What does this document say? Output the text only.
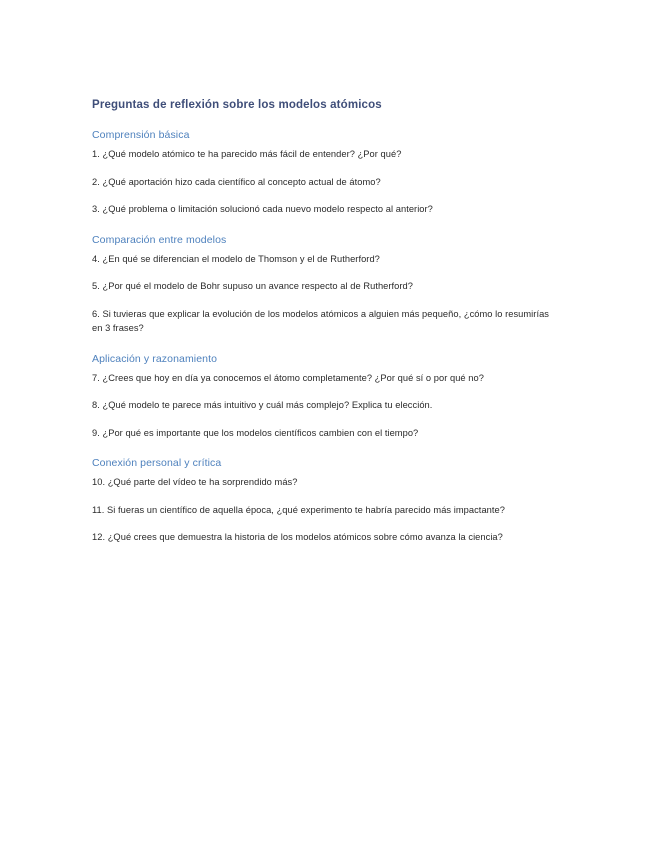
Preguntas de reflexión sobre los modelos atómicos
Comprensión básica

1. ¿Qué modelo atómico te ha parecido más fácil de entender? ¿Por qué?

2. ¿Qué aportación hizo cada científico al concepto actual de átomo?

3. ¿Qué problema o limitación solucionó cada nuevo modelo respecto al anterior?

Comparación entre modelos

4. ¿En qué se diferencian el modelo de Thomson y el de Rutherford?

5. ¿Por qué el modelo de Bohr supuso un avance respecto al de Rutherford?

6. Si tuvieras que explicar la evolución de los modelos atómicos a alguien más pequeño, ¿cómo lo resumirías en 3 frases?

Aplicación y razonamiento

7. ¿Crees que hoy en día ya conocemos el átomo completamente? ¿Por qué sí o por qué no?

8. ¿Qué modelo te parece más intuitivo y cuál más complejo? Explica tu elección.

9. ¿Por qué es importante que los modelos científicos cambien con el tiempo?

Conexión personal y crítica

10. ¿Qué parte del vídeo te ha sorprendido más?

11. Si fueras un científico de aquella época, ¿qué experimento te habría parecido más impactante?

12. ¿Qué crees que demuestra la historia de los modelos atómicos sobre cómo avanza la ciencia?
